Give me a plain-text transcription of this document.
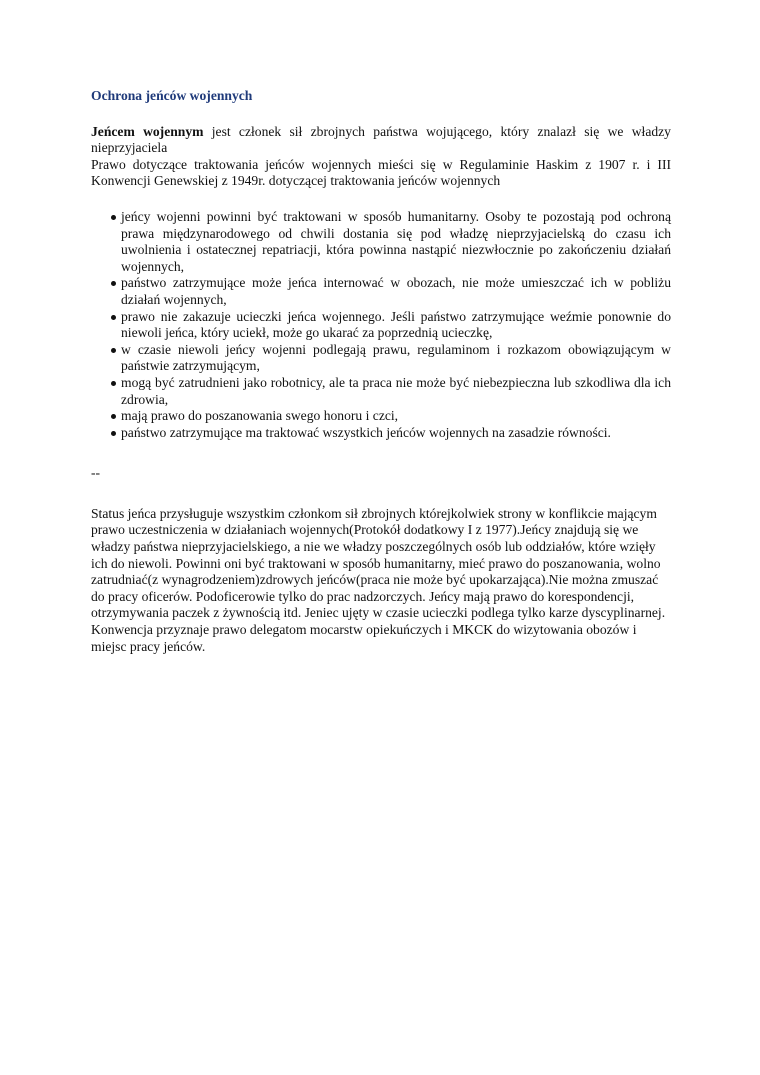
Ochrona jeńców wojennych

Jeńcem wojennym jest członek sił zbrojnych państwa wojującego, który znalazł się we władzy nieprzyjaciela

Prawo dotyczące traktowania jeńców wojennych mieści się w Regulaminie Haskim z 1907 r. i III Konwencji Genewskiej z 1949r. dotyczącej traktowania jeńców wojennych

jeńcy wojenni powinni być traktowani w sposób humanitarny. Osoby te pozostają pod ochroną prawa międzynarodowego od chwili dostania się pod władzę nieprzyjacielską do czasu ich uwolnienia i ostatecznej repatriacji, która powinna nastąpić niezwłocznie po zakończeniu działań wojennych,
państwo zatrzymujące może jeńca internować w obozach, nie może umieszczać ich w pobliżu działań wojennych,
prawo nie zakazuje ucieczki jeńca wojennego. Jeśli państwo zatrzymujące weźmie ponownie do niewoli jeńca, który uciekł, może go ukarać za poprzednią ucieczkę,
w czasie niewoli jeńcy wojenni podlegają prawu, regulaminom i rozkazom obowiązującym w państwie zatrzymującym,
mogą być zatrudnieni jako robotnicy, ale ta praca nie może być niebezpieczna lub szkodliwa dla ich zdrowia,
mają prawo do poszanowania swego honoru i czci,
państwo zatrzymujące ma traktować wszystkich jeńców wojennych na zasadzie równości.
--

Status jeńca przysługuje wszystkim członkom sił zbrojnych którejkolwiek strony w konflikcie mającym prawo uczestniczenia w działaniach wojennych(Protokół dodatkowy I z 1977).Jeńcy znajdują się we władzy państwa nieprzyjacielskiego, a nie we władzy poszczególnych osób lub oddziałów, które wzięły ich do niewoli. Powinni oni być traktowani w sposób humanitarny, mieć prawo do poszanowania, wolno zatrudniać(z wynagrodzeniem)zdrowych jeńców(praca nie może być upokarzająca).Nie można zmuszać do pracy oficerów. Podoficerowie tylko do prac nadzorczych. Jeńcy mają prawo do korespondencji, otrzymywania paczek z żywnością itd. Jeniec ujęty w czasie ucieczki podlega tylko karze dyscyplinarnej. Konwencja przyznaje prawo delegatom mocarstw opiekuńczych i MKCK do wizytowania obozów i miejsc pracy jeńców.
